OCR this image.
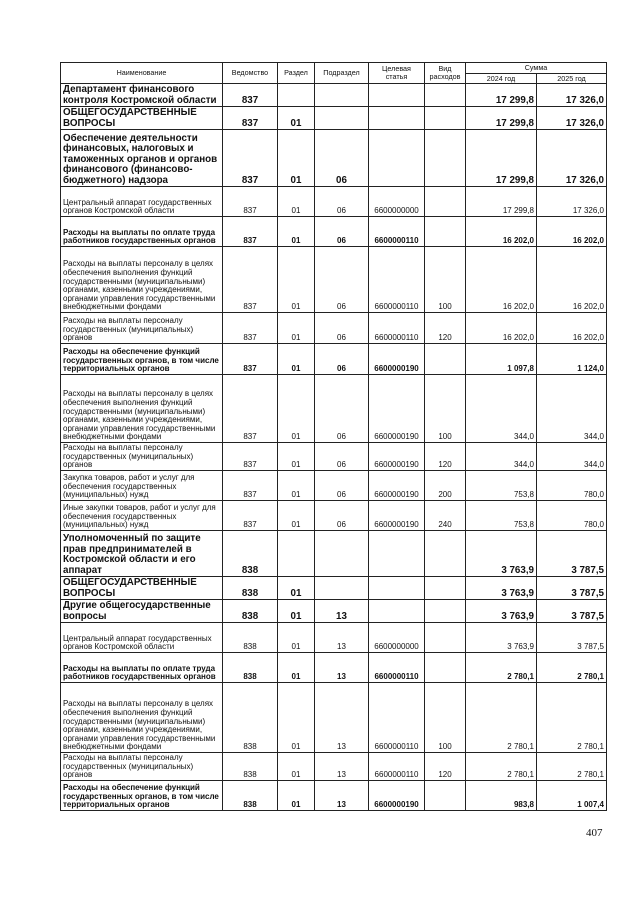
Наименование	Ведомство	Раздел	Подраздел	Целевая статья	Вид расходов	Сумма	
						2024 год	2025 год
Департамент финансового контроля Костромской области	837					17 299,8	17 326,0
ОБЩЕГОСУДАРСТВЕННЫЕ ВОПРОСЫ	837	01				17 299,8	17 326,0
Обеспечение деятельности финансовых, налоговых и таможенных органов и органов финансового (финансово-бюджетного) надзора	837	01	06			17 299,8	17 326,0
Центральный аппарат государственных органов Костромской области	837	01	06	6600000000		17 299,8	17 326,0
Расходы на выплаты по оплате труда работников государственных органов	837	01	06	6600000110		16 202,0	16 202,0
Расходы на выплаты персоналу в целях обеспечения выполнения функций государственными (муниципальными) органами, казенными учреждениями, органами управления государственными внебюджетными фондами	837	01	06	6600000110	100	16 202,0	16 202,0
Расходы на выплаты персоналу государственных (муниципальных) органов	837	01	06	6600000110	120	16 202,0	16 202,0
Расходы на обеспечение функций государственных органов, в том числе территориальных органов	837	01	06	6600000190		1 097,8	1 124,0
Расходы на выплаты персоналу в целях обеспечения выполнения функций государственными (муниципальными) органами, казенными учреждениями, органами управления государственными внебюджетными фондами	837	01	06	6600000190	100	344,0	344,0
Расходы на выплаты персоналу государственных (муниципальных) органов	837	01	06	6600000190	120	344,0	344,0
Закупка товаров, работ и услуг для обеспечения государственных (муниципальных) нужд	837	01	06	6600000190	200	753,8	780,0
Иные закупки товаров, работ и услуг для обеспечения государственных (муниципальных) нужд	837	01	06	6600000190	240	753,8	780,0
Уполномоченный по защите прав предпринимателей в Костромской области и его аппарат	838					3 763,9	3 787,5
ОБЩЕГОСУДАРСТВЕННЫЕ ВОПРОСЫ	838	01				3 763,9	3 787,5
Другие общегосударственные вопросы	838	01	13			3 763,9	3 787,5
Центральный аппарат государственных органов Костромской области	838	01	13	6600000000		3 763,9	3 787,5
Расходы на выплаты по оплате труда работников государственных органов	838	01	13	6600000110		2 780,1	2 780,1
Расходы на выплаты персоналу в целях обеспечения выполнения функций государственными (муниципальными) органами, казенными учреждениями, органами управления государственными внебюджетными фондами	838	01	13	6600000110	100	2 780,1	2 780,1
Расходы на выплаты персоналу государственных (муниципальных) органов	838	01	13	6600000110	120	2 780,1	2 780,1
Расходы на обеспечение функций государственных органов, в том числе территориальных органов	838	01	13	6600000190		983,8	1 007,4
407
